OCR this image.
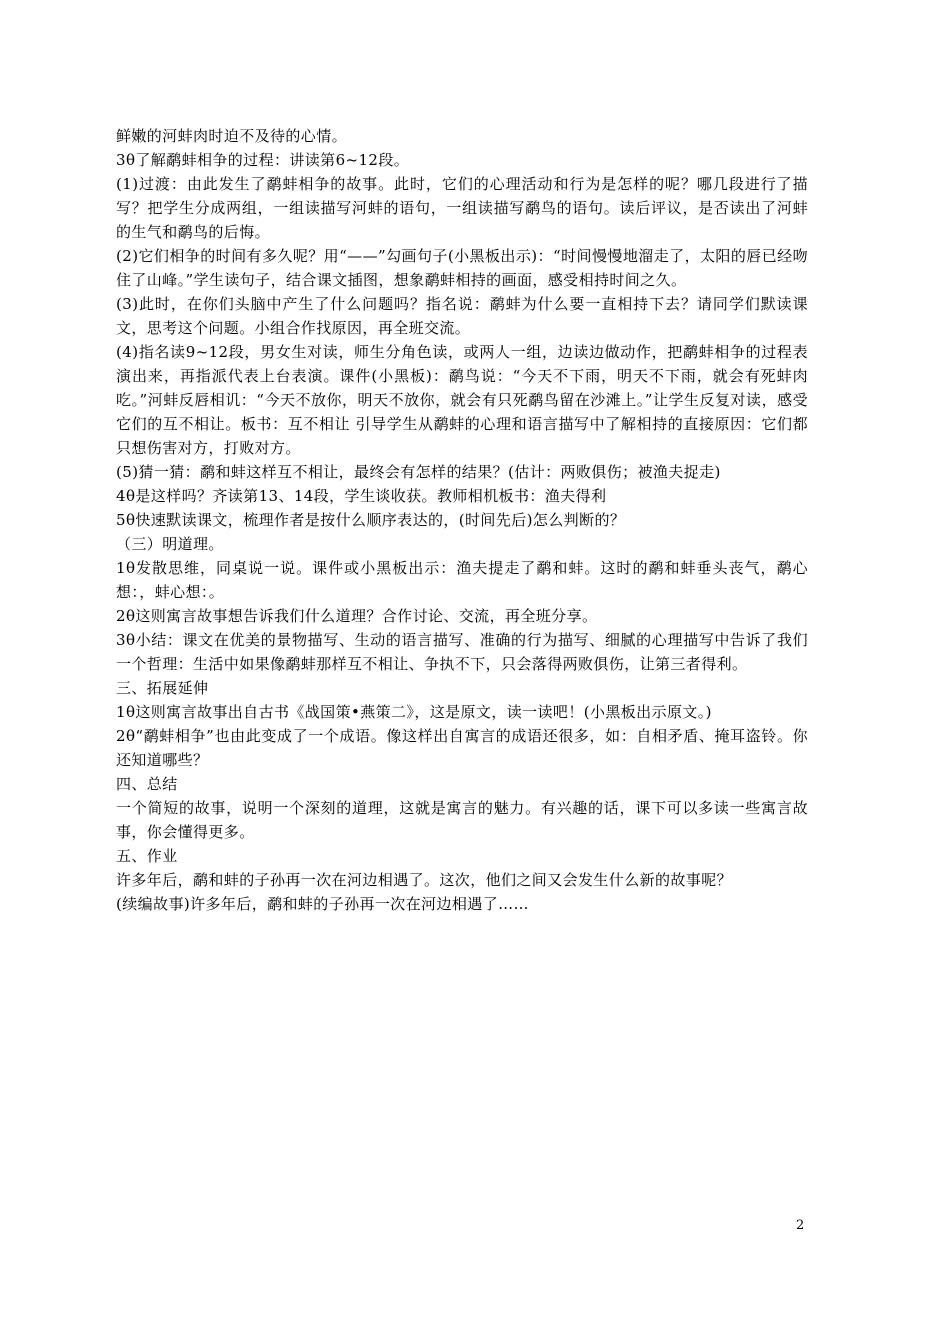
鲜嫩的河蚌肉时迫不及待的心情。

3θ了解鹬蚌相争的过程：讲读第6~12段。

(1)过渡：由此发生了鹬蚌相争的故事。此时，它们的心理活动和行为是怎样的呢？哪几段进行了描写？把学生分成两组，一组读描写河蚌的语句，一组读描写鹬鸟的语句。读后评议，是否读出了河蚌的生气和鹬鸟的后悔。

(2)它们相争的时间有多久呢？用“——”勾画句子(小黑板出示)：“时间慢慢地溜走了，太阳的唇已经吻住了山峰。”学生读句子，结合课文插图，想象鹬蚌相持的画面，感受相持时间之久。

(3)此时，在你们头脑中产生了什么问题吗？指名说：鹬蚌为什么要一直相持下去？请同学们默读课文，思考这个问题。小组合作找原因，再全班交流。

(4)指名读9~12段，男女生对读，师生分角色读，或两人一组，边读边做动作，把鹬蚌相争的过程表演出来，再指派代表上台表演。课件(小黑板)：鹬鸟说：“今天不下雨，明天不下雨，就会有死蚌肉吃。”河蚌反唇相讥：“今天不放你，明天不放你，就会有只死鹬鸟留在沙滩上。”让学生反复对读，感受它们的互不相让。板书：互不相让 引导学生从鹬蚌的心理和语言描写中了解相持的直接原因：它们都只想伤害对方，打败对方。

(5)猜一猜：鹬和蚌这样互不相让，最终会有怎样的结果？(估计：两败俱伤；被渔夫捉走)

4θ是这样吗？齐读第13、14段，学生谈收获。教师相机板书：渔夫得利

5θ快速默读课文，梳理作者是按什么顺序表达的，(时间先后)怎么判断的？

（三）明道理。

1θ发散思维，同桌说一说。课件或小黑板出示：渔夫提走了鹬和蚌。这时的鹬和蚌垂头丧气，鹬心想：，蚌心想：。

2θ这则寓言故事想告诉我们什么道理？合作讨论、交流，再全班分享。

3θ小结：课文在优美的景物描写、生动的语言描写、准确的行为描写、细腻的心理描写中告诉了我们一个哲理：生活中如果像鹬蚌那样互不相让、争执不下，只会落得两败俱伤，让第三者得利。

三、拓展延伸

1θ这则寓言故事出自古书《战国策•燕策二》，这是原文，读一读吧！(小黑板出示原文。)

2θ“鹬蚌相争”也由此变成了一个成语。像这样出自寓言的成语还很多，如：自相矛盾、掩耳盗铃。你还知道哪些？

四、总结

一个简短的故事，说明一个深刻的道理，这就是寓言的魅力。有兴趣的话，课下可以多读一些寓言故事，你会懂得更多。

五、作业

许多年后，鹬和蚌的子孙再一次在河边相遇了。这次，他们之间又会发生什么新的故事呢？

(续编故事)许多年后，鹬和蚌的子孙再一次在河边相遇了……

2
